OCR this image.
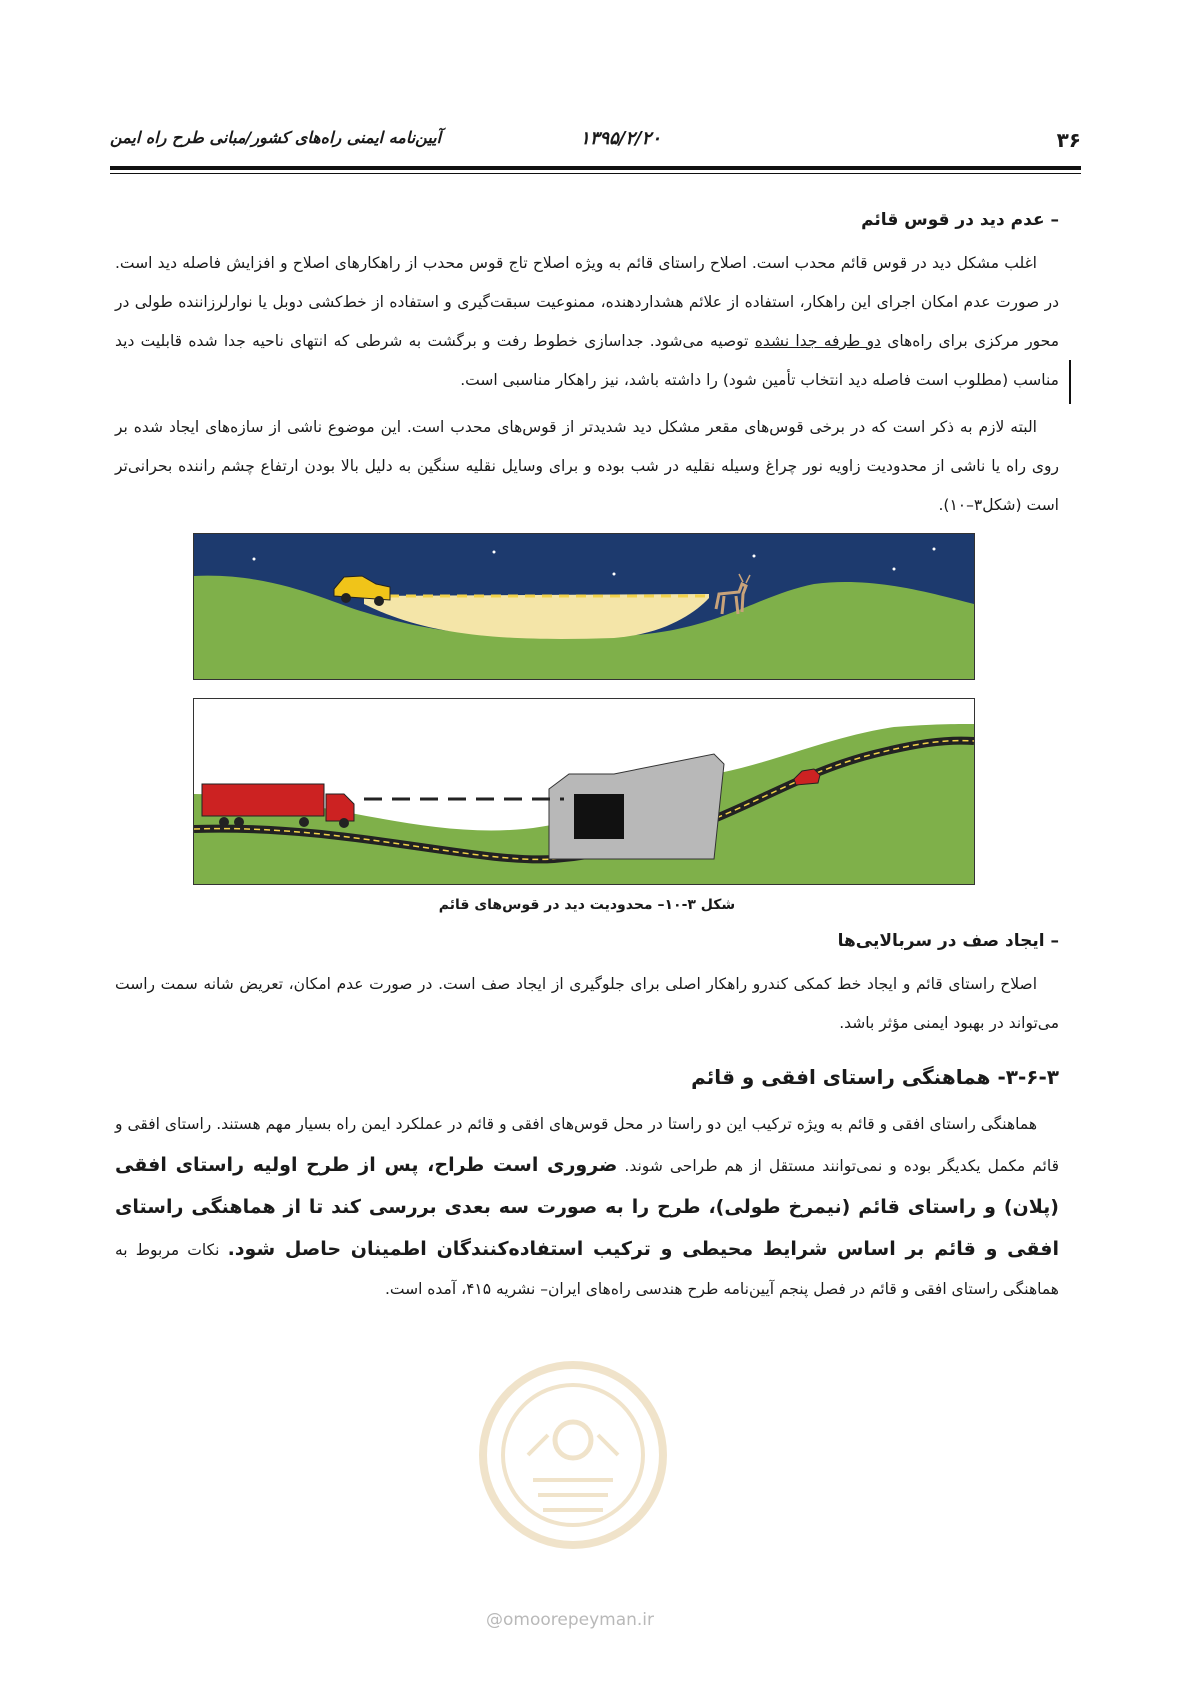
۳۶
۱۳۹۵/۲/۲۰
آیین‌نامه ایمنی راه‌های کشور/مبانی طرح راه ایمن
– عدم دید در قوس قائم

اغلب مشکل دید در قوس قائم محدب است. اصلاح راستای قائم به ویژه اصلاح تاج قوس محدب از راهکارهای اصلاح و افزایش فاصله دید است. در صورت عدم امکان اجرای این راهکار، استفاده از علائم هشداردهنده، ممنوعیت سبقت‌گیری و استفاده از خط‌کشی دوبل یا نوارلرزاننده طولی در محور مرکزی برای راه‌های دو طرفه جدا نشده توصیه می‌شود. جداسازی خطوط رفت و برگشت به شرطی که انتهای ناحیه جدا شده قابلیت دید مناسب (مطلوب است فاصله دید انتخاب تأمین شود) را داشته باشد، نیز راهکار مناسبی است.

البته لازم به ذکر است که در برخی قوس‌های مقعر مشکل دید شدیدتر از قوس‌های محدب است. این موضوع ناشی از سازه‌های ایجاد شده بر روی راه یا ناشی از محدودیت زاویه نور چراغ وسیله نقلیه در شب بوده و برای وسایل نقلیه سنگین به دلیل بالا بودن ارتفاع چشم راننده بحرانی‌تر است (شکل۳–۱۰).

شکل ۳-۱۰– محدودیت دید در قوس‌های قائم
– ایجاد صف در سربالایی‌ها

اصلاح راستای قائم و ایجاد خط کمکی کندرو راهکار اصلی برای جلوگیری از ایجاد صف است. در صورت عدم امکان، تعریض شانه سمت راست می‌تواند در بهبود ایمنی مؤثر باشد.

۳-۶-۳- هماهنگی راستای افقی و قائم

هماهنگی راستای افقی و قائم به ویژه ترکیب این دو راستا در محل قوس‌های افقی و قائم در عملکرد ایمن راه بسیار مهم هستند. راستای افقی و قائم مکمل یکدیگر بوده و نمی‌توانند مستقل از هم طراحی شوند. ضروری است طراح، پس از طرح اولیه راستای افقی (پلان) و راستای قائم (نیمرخ طولی)، طرح را به صورت سه بعدی بررسی کند تا از هماهنگی راستای افقی و قائم بر اساس شرایط محیطی و ترکیب استفاده‌کنندگان اطمینان حاصل شود. نکات مربوط به هماهنگی راستای افقی و قائم در فصل پنجم آیین‌نامه طرح هندسی راه‌های ایران– نشریه ۴۱۵، آمده است.

@omoorepeyman.ir
